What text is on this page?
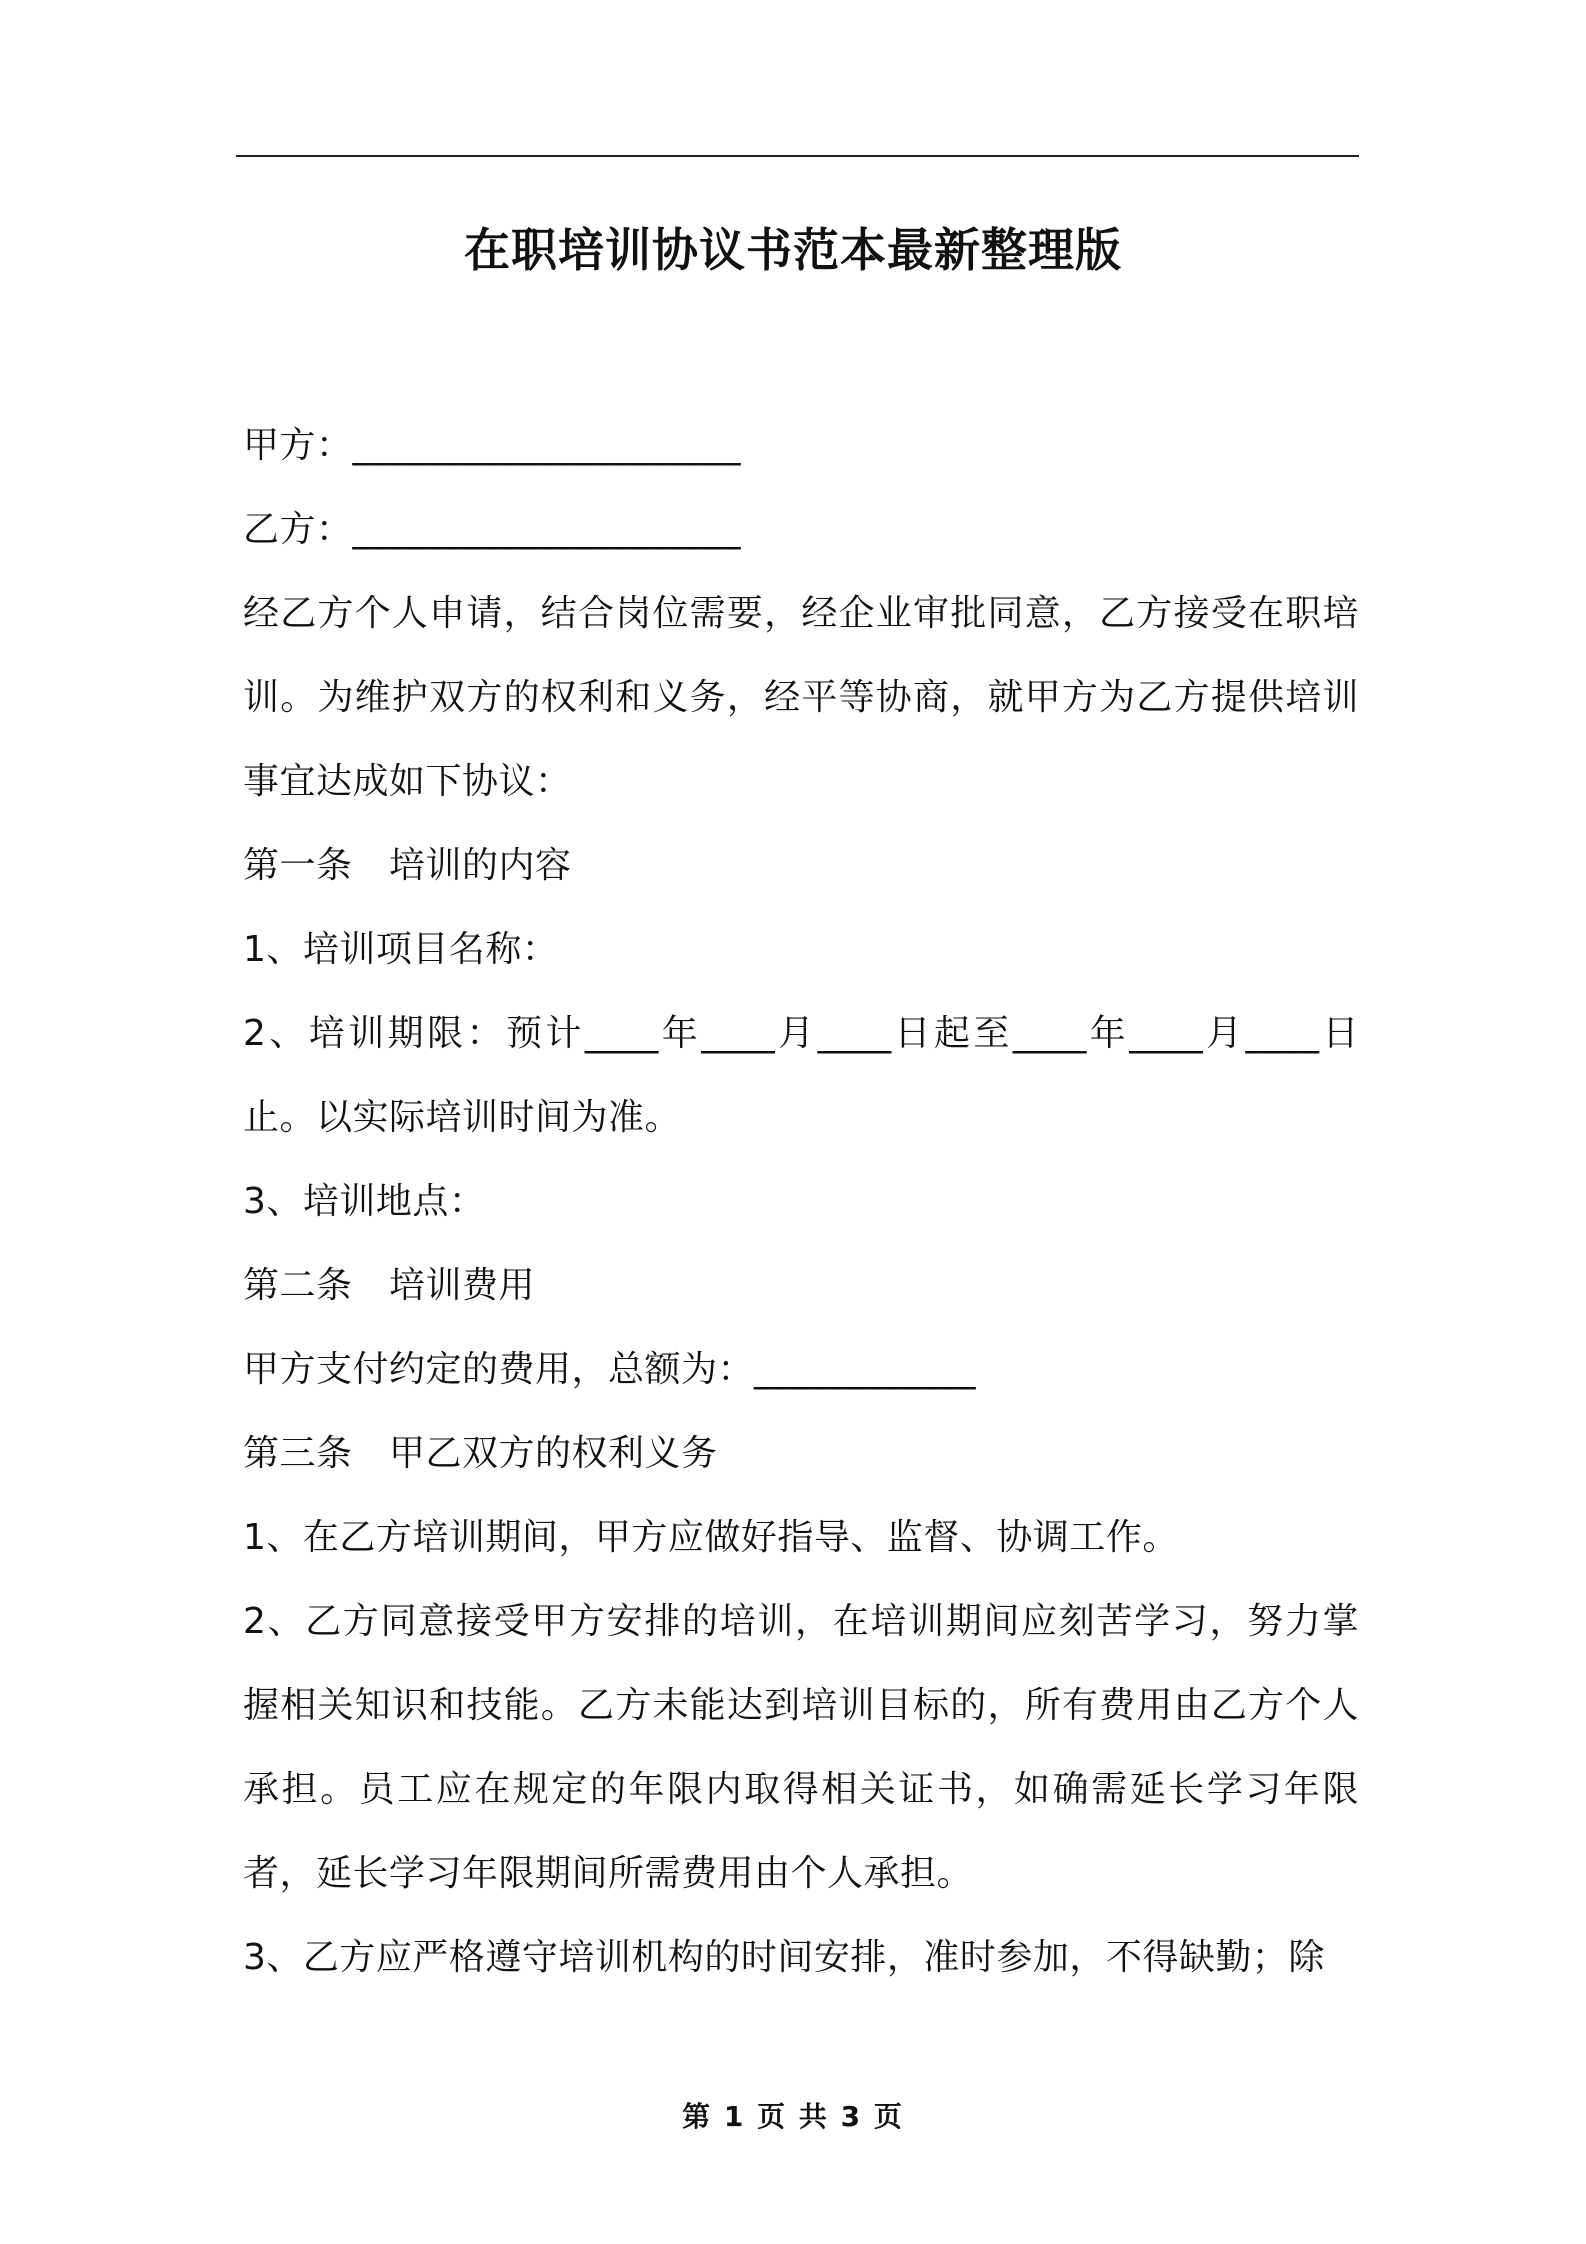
在职培训协议书范本最新整理版

甲方：_____________________

乙方：_____________________

经乙方个人申请，结合岗位需要，经企业审批同意，乙方接受在职培训。为维护双方的权利和义务，经平等协商，就甲方为乙方提供培训事宜达成如下协议：

第一条　培训的内容

1、培训项目名称：

2、培训期限：预计____年____月____日起至____年____月____日止。以实际培训时间为准。

3、培训地点：

第二条　培训费用

甲方支付约定的费用，总额为：____________

第三条　甲乙双方的权利义务

1、在乙方培训期间，甲方应做好指导、监督、协调工作。

2、乙方同意接受甲方安排的培训，在培训期间应刻苦学习，努力掌握相关知识和技能。乙方未能达到培训目标的，所有费用由乙方个人承担。员工应在规定的年限内取得相关证书，如确需延长学习年限者，延长学习年限期间所需费用由个人承担。

3、乙方应严格遵守培训机构的时间安排，准时参加，不得缺勤；除

第 1 页 共 3 页
